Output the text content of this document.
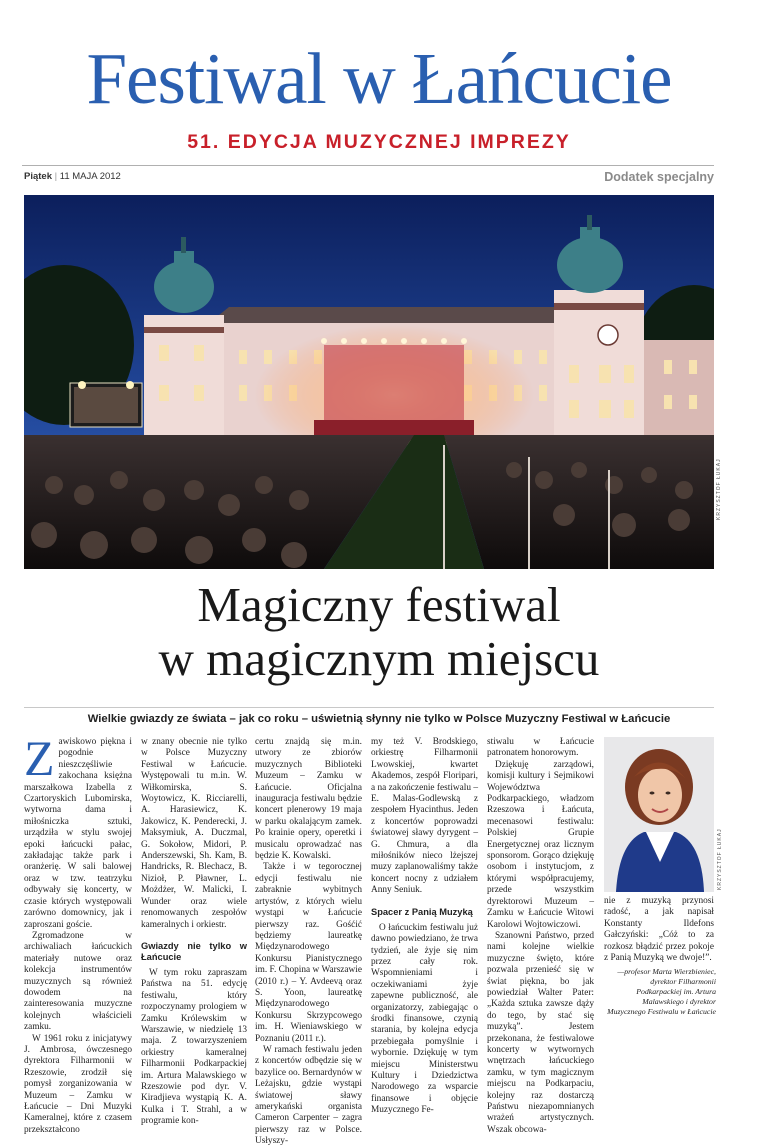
Festiwal w Łańcucie
51. EDYCJA MUZYCZNEJ IMPREZY
Piątek | 11 MAJA 2012	Dodatek specjalny
KRZYSZTOF ŁUKAJ
Magiczny festiwal
w magicznym miejscu
Wielkie gwiazdy ze świata – jak co roku – uświetnią słynny nie tylko w Polsce Muzyczny Festiwal w Łańcucie
Z awiskowo piękna i pogodnie nieszczęśliwie zakochana księżna marszałkowa Izabella z Czartoryskich Lubomirska, wytworna dama i miłośniczka sztuki, urządziła w stylu swojej epoki łańcucki pałac, zakładając także park i oranżerię. W sali balowej oraz w tzw. teatrzyku odbywały się koncerty, w czasie których występowali zarówno domownicy, jak i zaproszani goście.

Zgromadzone w archiwaliach łańcuckich materiały nutowe oraz kolekcja instrumentów muzycznych są również dowodem na zainteresowania muzyczne kolejnych właścicieli zamku.

W 1961 roku z inicjatywy J. Ambrosa, ówczesnego dyrektora Filharmonii w Rzeszowie, zrodził się pomysł zorganizowania w Muzeum – Zamku w Łańcucie – Dni Muzyki Kameralnej, które z czasem przekształcono

w znany obecnie nie tylko w Polsce Muzyczny Festiwal w Łańcucie. Występowali tu m.in. W. Wiłkomirska, S. Woytowicz, K. Ricciarelli, A. Harasiewicz, K. Jakowicz, K. Penderecki, J. Maksymiuk, A. Duczmal, G. Sokołow, Midori, P. Anderszewski, Sh. Kam, B. Handricks, R. Blechacz, B. Nizioł, P. Pławner, L. Możdżer, W. Malicki, I. Wunder oraz wiele renomowanych zespołów kameralnych i orkiestr.

Gwiazdy nie tylko w Łańcucie

W tym roku zapraszam Państwa na 51. edycję festiwalu, który rozpoczynamy prologiem w Zamku Królewskim w Warszawie, w niedzielę 13 maja. Z towarzyszeniem orkiestry kameralnej Filharmonii Podkarpackiej im. Artura Malawskiego w Rzeszowie pod dyr. V. Kiradjieva wystąpią K. A. Kulka i T. Strahl, a w programie kon-

certu znajdą się m.in. utwory ze zbiorów muzycznych Biblioteki Muzeum – Zamku w Łańcucie. Oficjalna inauguracja festiwalu będzie koncert plenerowy 19 maja w parku okalającym zamek. Po krainie opery, operetki i musicalu oprowadzać nas będzie K. Kowalski.

Także i w tegorocznej edycji festiwalu nie zabraknie wybitnych artystów, z których wielu wystąpi w Łańcucie pierwszy raz. Gośćić będziemy laureatkę Międzynarodowego Konkursu Pianistycznego im. F. Chopina w Warszawie (2010 r.) – Y. Avdeevą oraz S. Yoon, laureatkę Międzynarodowego Konkursu Skrzypcowego im. H. Wieniawskiego w Poznaniu (2011 r.).

W ramach festiwalu jeden z koncertów odbędzie się w bazylice oo. Bernardynów w Leżajsku, gdzie wystąpi światowej sławy amerykański organista Cameron Carpenter – zagra pierwszy raz w Polsce. Usłyszy-

my też V. Brodskiego, orkiestrę Filharmonii Lwowskiej, kwartet Akademos, zespół Floripari, a na zakończenie festiwalu – E. Malas-Godlewską z zespołem Hyacinthus. Jeden z koncertów poprowadzi światowej sławy dyrygent – G. Chmura, a dla miłośników nieco lżejszej muzy zaplanowaliśmy także koncert nocny z udziałem Anny Seniuk.

Spacer z Panią Muzyką

O łańcuckim festiwalu już dawno powiedziano, że trwa tydzień, ale żyje się nim przez cały rok. Wspomnieniami i oczekiwaniami żyje zapewne publiczność, ale organizatorzy, zabiegając o środki finansowe, czynią starania, by kolejna edycja przebiegała pomyślnie i wybornie. Dziękuję w tym miejscu Ministerstwu Kultury i Dziedzictwa Narodowego za wsparcie finansowe i objęcie Muzycznego Fe-

stiwalu w Łańcucie patronatem honorowym.

Dziękuję zarządowi, komisji kultury i Sejmikowi Województwa Podkarpackiego, władzom Rzeszowa i Łańcuta, mecenasowi festiwalu: Polskiej Grupie Energetycznej oraz licznym sponsorom. Gorąco dziękuję osobom i instytucjom, z którymi współpracujemy, przede wszystkim dyrektorowi Muzeum – Zamku w Łańcucie Witowi Karolowi Wojtowiczowi.

Szanowni Państwo, przed nami kolejne wielkie muzyczne święto, które pozwala przenieść się w świat piękna, bo jak powiedział Walter Pater: „Każda sztuka zawsze dąży do tego, by stać się muzyką”. Jestem przekonana, że festiwalowe koncerty w wytwornych wnętrzach łańcuckiego zamku, w tym magicznym miejscu na Podkarpaciu, kolejny raz dostarczą Państwu niezapomnianych wrażeń artystycznych. Wszak obcowa-

KRZYSZTOF ŁUKAJ

nie z muzyką przynosi radość, a jak napisał Konstanty Ildefons Gałczyński: „Cóż to za rozkosz błądzić przez pokoje z Panią Muzyką we dwoje!”.

—profesor Marta Wierzbieniec, dyrektor Filharmonii Podkarpackiej im. Artura Malawskiego i dyrektor Muzycznego Festiwalu w Łańcucie
